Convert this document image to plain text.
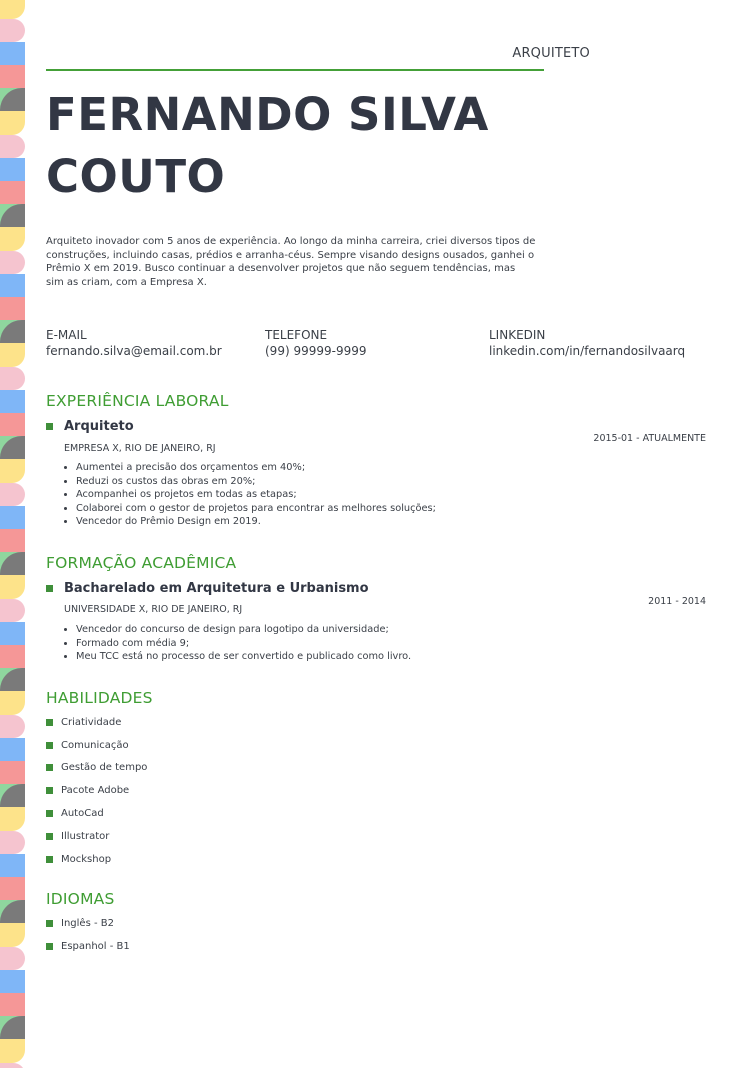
ARQUITETO
FERNANDO SILVA
COUTO

Arquiteto inovador com 5 anos de experiência. Ao longo da minha carreira, criei diversos tipos de construções, incluindo casas, prédios e arranha-céus. Sempre visando designs ousados, ganhei o Prêmio X em 2019. Busco continuar a desenvolver projetos que não seguem tendências, mas sim as criam, com a Empresa X.

E-MAIL
fernando.silva@email.com.br
TELEFONE
(99) 99999-9999
LINKEDIN
linkedin.com/in/fernandosilvaarq
EXPERIÊNCIA LABORAL
Arquiteto
2015-01 - ATUALMENTE
EMPRESA X, RIO DE JANEIRO, RJ
• Aumentei a precisão dos orçamentos em 40%;
• Reduzi os custos das obras em 20%;
• Acompanhei os projetos em todas as etapas;
• Colaborei com o gestor de projetos para encontrar as melhores soluções;
• Vencedor do Prêmio Design em 2019.
FORMAÇÃO ACADÊMICA
Bacharelado em Arquitetura e Urbanismo
2011 - 2014
UNIVERSIDADE X, RIO DE JANEIRO, RJ
• Vencedor do concurso de design para logotipo da universidade;
• Formado com média 9;
• Meu TCC está no processo de ser convertido e publicado como livro.
HABILIDADES
Criatividade
Comunicação
Gestão de tempo
Pacote Adobe
AutoCad
Illustrator
Mockshop
IDIOMAS
Inglês - B2
Espanhol - B1
